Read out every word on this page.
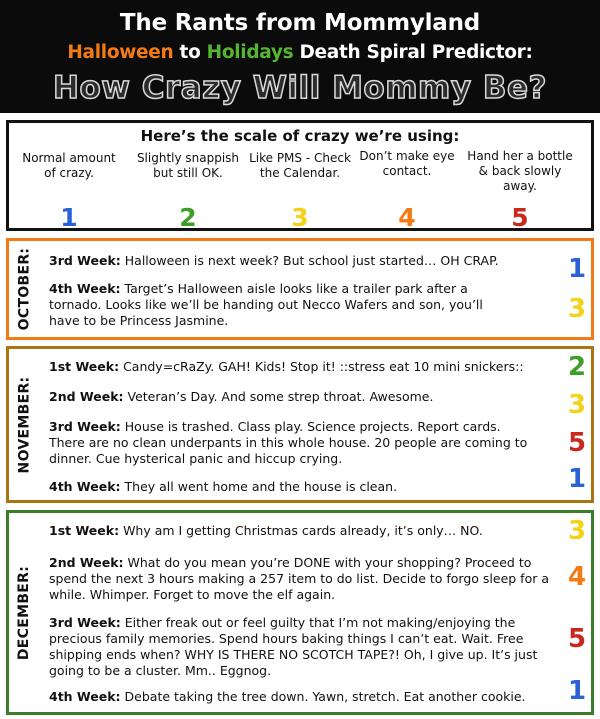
The Rants from Mommyland
Halloween to Holidays Death Spiral Predictor:
How Crazy Will Mommy Be?
Here’s the scale of crazy we’re using:
Normal amount of crazy.
1
Slightly snappish but still OK.
2
Like PMS - Check the Calendar.
3
Don’t make eye contact.
4
Hand her a bottle & back slowly away.
5
OCTOBER: 3rd Week: Halloween is next week? But school just started… OH CRAP.	1
4th Week: Target’s Halloween aisle looks like a trailer park after a tornado. Looks like we’ll be handing out Necco Wafers and son, you’ll have to be Princess Jasmine.	3
NOVEMBER:
1st Week: Candy=cRaZy. GAH! Kids! Stop it! ::stress eat 10 mini snickers::	2
2nd Week: Veteran’s Day. And some strep throat. Awesome.	3
3rd Week: House is trashed. Class play. Science projects. Report cards. There are no clean underpants in this whole house. 20 people are coming to dinner. Cue hysterical panic and hiccup crying.
5
4th Week: They all went home and the house is clean.	1
DECEMBER:
1st Week: Why am I getting Christmas cards already, it’s only… NO.	3
2nd Week: What do you mean you’re DONE with your shopping? Proceed to spend the next 3 hours making a 257 item to do list. Decide to forgo sleep for a while. Whimper. Forget to move the elf again.
4
3rd Week: Either freak out or feel guilty that I’m not making/enjoying the precious family memories. Spend hours baking things I can’t eat. Wait. Free shipping ends when? WHY IS THERE NO SCOTCH TAPE?! Oh, I give up. It’s just going to be a cluster. Mm.. Eggnog.
5
4th Week: Debate taking the tree down. Yawn, stretch. Eat another cookie.	1
